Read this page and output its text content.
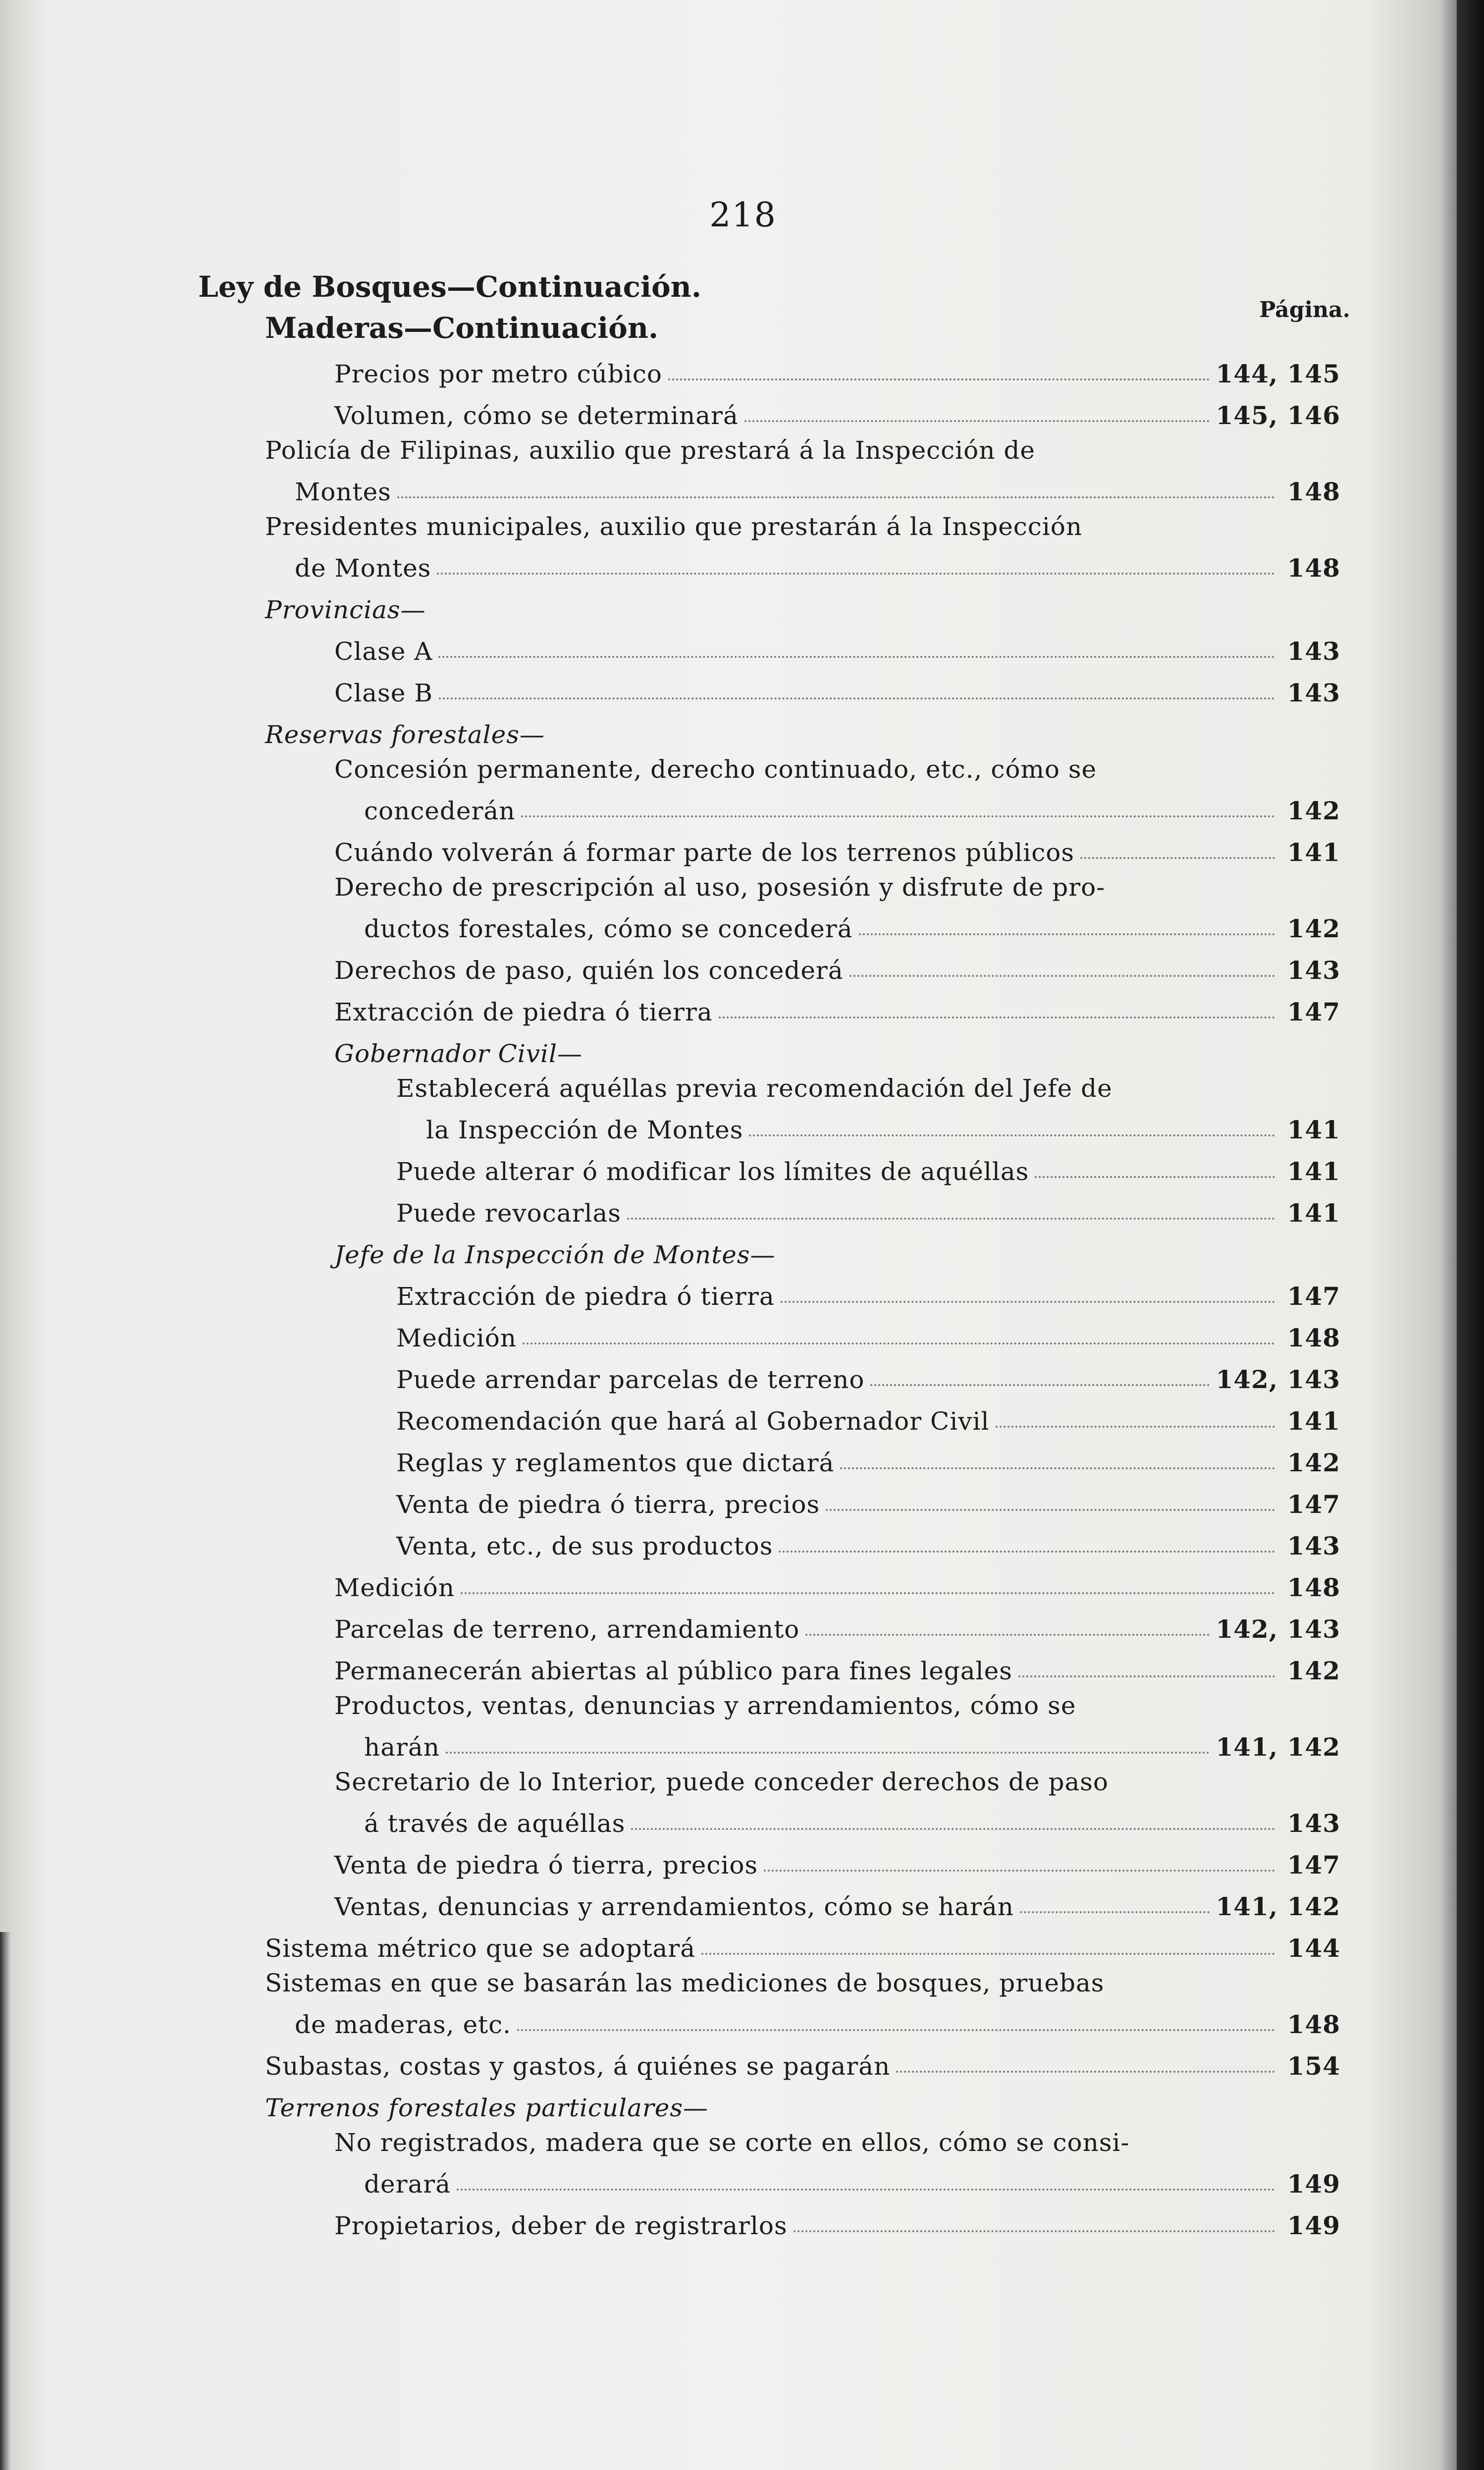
218
Ley de Bosques—Continuación.
Maderas—Continuación.
Página.
Precios por metro cúbico	144, 145
Volumen, cómo se determinará	145, 146
Policía de Filipinas, auxilio que prestará á la Inspección de
Montes	148
Presidentes municipales, auxilio que prestarán á la Inspección
de Montes	148
Provincias—
Clase A	143
Clase B	143
Reservas forestales—
Concesión permanente, derecho continuado, etc., cómo se
concederán	142
Cuándo volverán á formar parte de los terrenos públicos	141
Derecho de prescripción al uso, posesión y disfrute de pro-
ductos forestales, cómo se concederá	142
Derechos de paso, quién los concederá	143
Extracción de piedra ó tierra	147
Gobernador Civil—
Establecerá aquéllas previa recomendación del Jefe de
la Inspección de Montes	141
Puede alterar ó modificar los límites de aquéllas	141
Puede revocarlas	141
Jefe de la Inspección de Montes—
Extracción de piedra ó tierra	147
Medición	148
Puede arrendar parcelas de terreno	142, 143
Recomendación que hará al Gobernador Civil	141
Reglas y reglamentos que dictará	142
Venta de piedra ó tierra, precios	147
Venta, etc., de sus productos	143
Medición	148
Parcelas de terreno, arrendamiento	142, 143
Permanecerán abiertas al público para fines legales	142
Productos, ventas, denuncias y arrendamientos, cómo se
harán	141, 142
Secretario de lo Interior, puede conceder derechos de paso
á través de aquéllas	143
Venta de piedra ó tierra, precios	147
Ventas, denuncias y arrendamientos, cómo se harán	141, 142
Sistema métrico que se adoptará	144
Sistemas en que se basarán las mediciones de bosques, pruebas
de maderas, etc.	148
Subastas, costas y gastos, á quiénes se pagarán	154
Terrenos forestales particulares—
No registrados, madera que se corte en ellos, cómo se consi-
derará	149
Propietarios, deber de registrarlos	149
